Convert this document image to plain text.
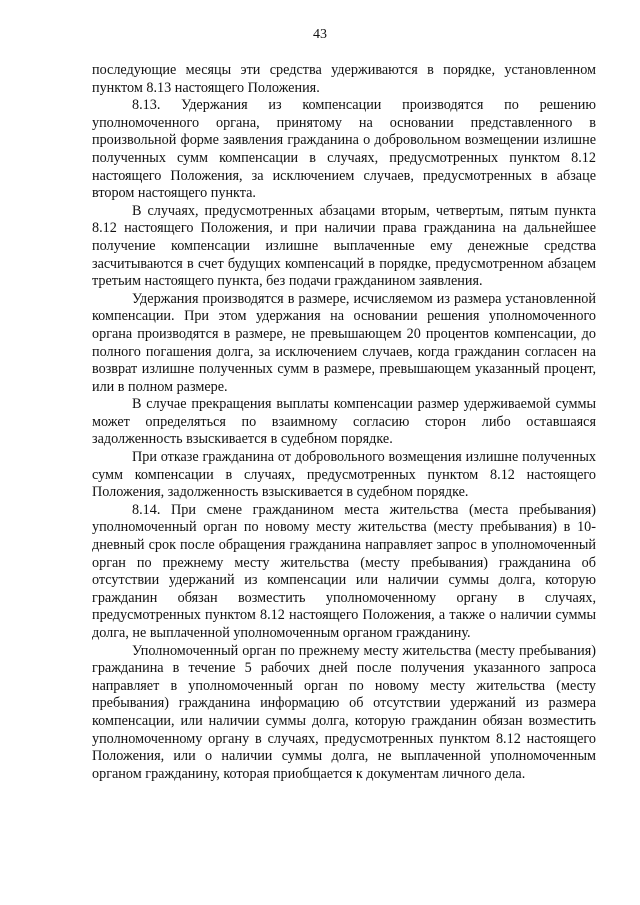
43

последующие месяцы эти средства удерживаются в порядке, установленном пунктом 8.13 настоящего Положения.

8.13. Удержания из компенсации производятся по решению уполномоченного органа, принятому на основании представленного в произвольной форме заявления гражданина о добровольном возмещении излишне полученных сумм компенсации в случаях, предусмотренных пунктом 8.12 настоящего Положения, за исключением случаев, предусмотренных в абзаце втором настоящего пункта.

В случаях, предусмотренных абзацами вторым, четвертым, пятым пункта 8.12 настоящего Положения, и при наличии права гражданина на дальнейшее получение компенсации излишне выплаченные ему денежные средства засчитываются в счет будущих компенсаций в порядке, предусмотренном абзацем третьим настоящего пункта, без подачи гражданином заявления.

Удержания производятся в размере, исчисляемом из размера установленной компенсации. При этом удержания на основании решения уполномоченного органа производятся в размере, не превышающем 20 процентов компенсации, до полного погашения долга, за исключением случаев, когда гражданин согласен на возврат излишне полученных сумм в размере, превышающем указанный процент, или в полном размере.

В случае прекращения выплаты компенсации размер удерживаемой суммы может определяться по взаимному согласию сторон либо оставшаяся задолженность взыскивается в судебном порядке.

При отказе гражданина от добровольного возмещения излишне полученных сумм компенсации в случаях, предусмотренных пунктом 8.12 настоящего Положения, задолженность взыскивается в судебном порядке.

8.14. При смене гражданином места жительства (места пребывания) уполномоченный орган по новому месту жительства (месту пребывания) в 10-дневный срок после обращения гражданина направляет запрос в уполномоченный орган по прежнему месту жительства (месту пребывания) гражданина об отсутствии удержаний из компенсации или наличии суммы долга, которую гражданин обязан возместить уполномоченному органу в случаях, предусмотренных пунктом 8.12 настоящего Положения, а также о наличии суммы долга, не выплаченной уполномоченным органом гражданину.

Уполномоченный орган по прежнему месту жительства (месту пребывания) гражданина в течение 5 рабочих дней после получения указанного запроса направляет в уполномоченный орган по новому месту жительства (месту пребывания) гражданина информацию об отсутствии удержаний из размера компенсации, или наличии суммы долга, которую гражданин обязан возместить уполномоченному органу в случаях, предусмотренных пунктом 8.12 настоящего Положения, или о наличии суммы долга, не выплаченной уполномоченным органом гражданину, которая приобщается к документам личного дела.
